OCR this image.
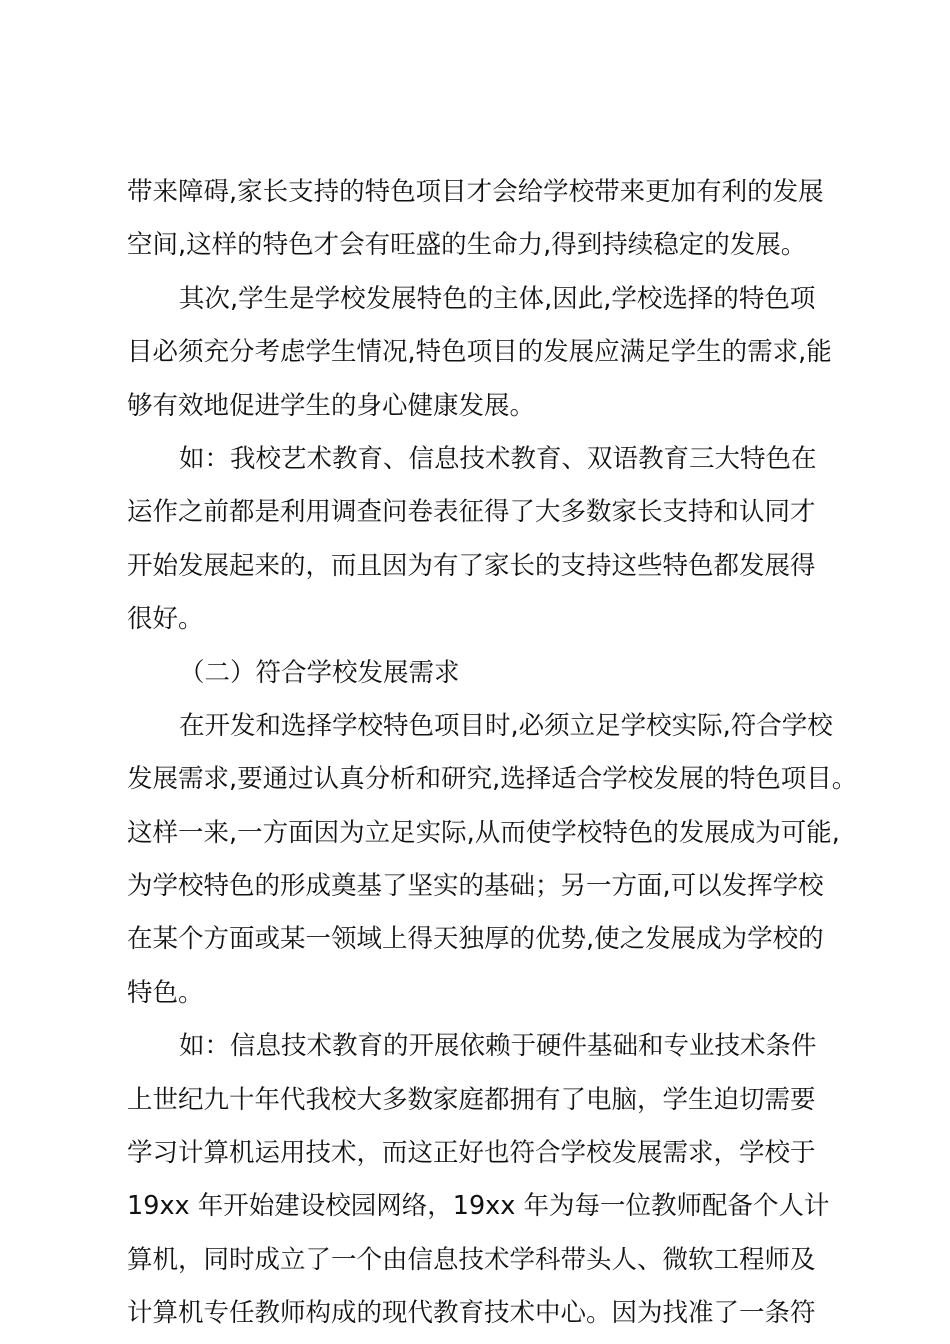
带来障碍,家长支持的特色项目才会给学校带来更加有利的发展
空间,这样的特色才会有旺盛的生命力,得到持续稳定的发展。
其次,学生是学校发展特色的主体,因此,学校选择的特色项
目必须充分考虑学生情况,特色项目的发展应满足学生的需求,能
够有效地促进学生的身心健康发展。
如：我校艺术教育、信息技术教育、双语教育三大特色在
运作之前都是利用调查问卷表征得了大多数家长支持和认同才
开始发展起来的，而且因为有了家长的支持这些特色都发展得
很好。
（二）符合学校发展需求
在开发和选择学校特色项目时,必须立足学校实际,符合学校
发展需求,要通过认真分析和研究,选择适合学校发展的特色项目。
这样一来,一方面因为立足实际,从而使学校特色的发展成为可能,
为学校特色的形成奠基了坚实的基础；另一方面,可以发挥学校
在某个方面或某一领域上得天独厚的优势,使之发展成为学校的
特色。
如：信息技术教育的开展依赖于硬件基础和专业技术条件
上世纪九十年代我校大多数家庭都拥有了电脑，学生迫切需要
学习计算机运用技术，而这正好也符合学校发展需求，学校于
19xx 年开始建设校园网络，19xx 年为每一位教师配备个人计
算机，同时成立了一个由信息技术学科带头人、微软工程师及
计算机专任教师构成的现代教育技术中心。因为找准了一条符
